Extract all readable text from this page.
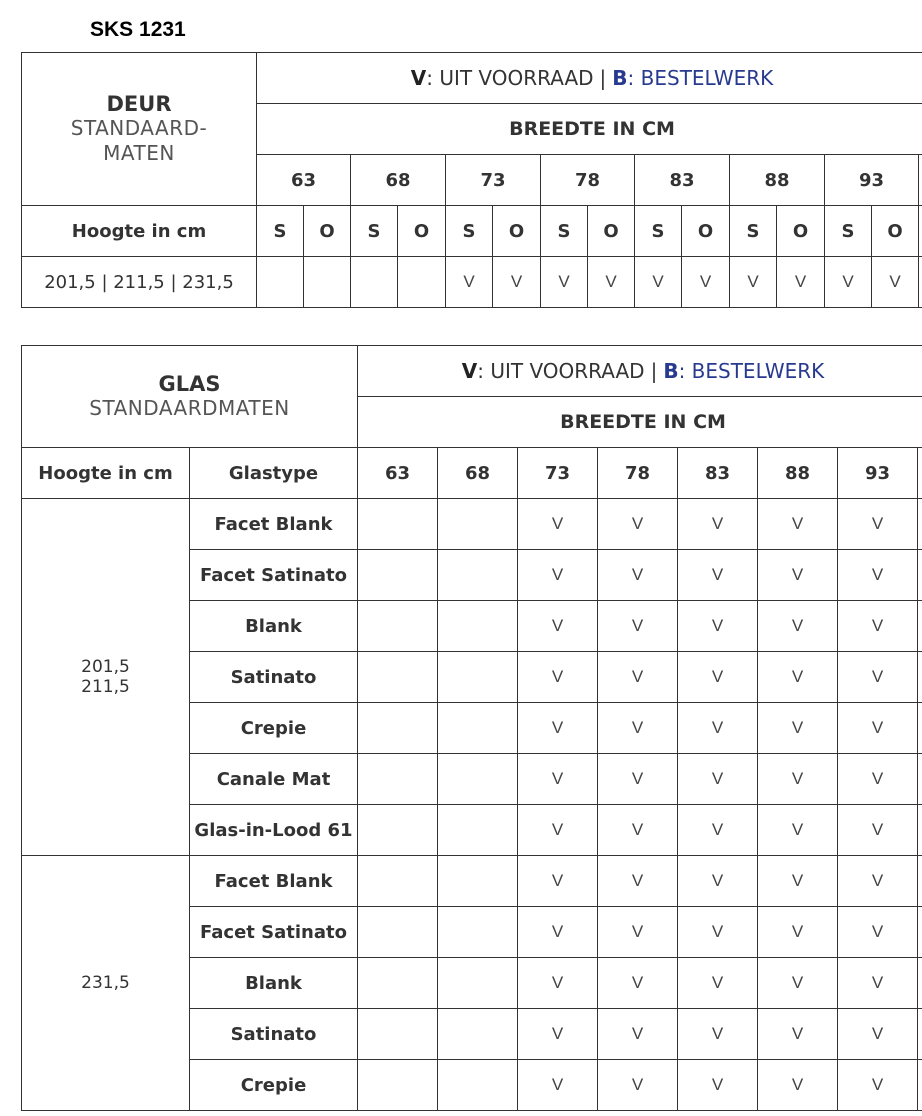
SKS 1231
DEUR
STANDAARD-
MATEN	V: UIT VOORRAAD | B: BESTELWERK														
	BREEDTE IN CM														
	63		68		73		78		83		88		93		
Hoogte in cm	S	O	S	O	S	O	S	O	S	O	S	O	S	O	
201,5 | 211,5 | 231,5					V	V	V	V	V	V	V	V	V	V	
GLAS
STANDAARDMATEN		V: UIT VOORRAAD | B: BESTELWERK							
		BREEDTE IN CM							
Hoogte in cm	Glastype	63	68	73	78	83	88	93	

201,5
211,5	Facet Blank			V	V	V	V	V	
	Facet Satinato			V	V	V	V	V	
	Blank			V	V	V	V	V	
	Satinato			V	V	V	V	V	
	Crepie			V	V	V	V	V	
	Canale Mat			V	V	V	V	V	
	Glas-in-Lood 61			V	V	V	V	V	

231,5	Facet Blank			V	V	V	V	V	
	Facet Satinato			V	V	V	V	V	
	Blank			V	V	V	V	V	
	Satinato			V	V	V	V	V	
	Crepie			V	V	V	V	V	
